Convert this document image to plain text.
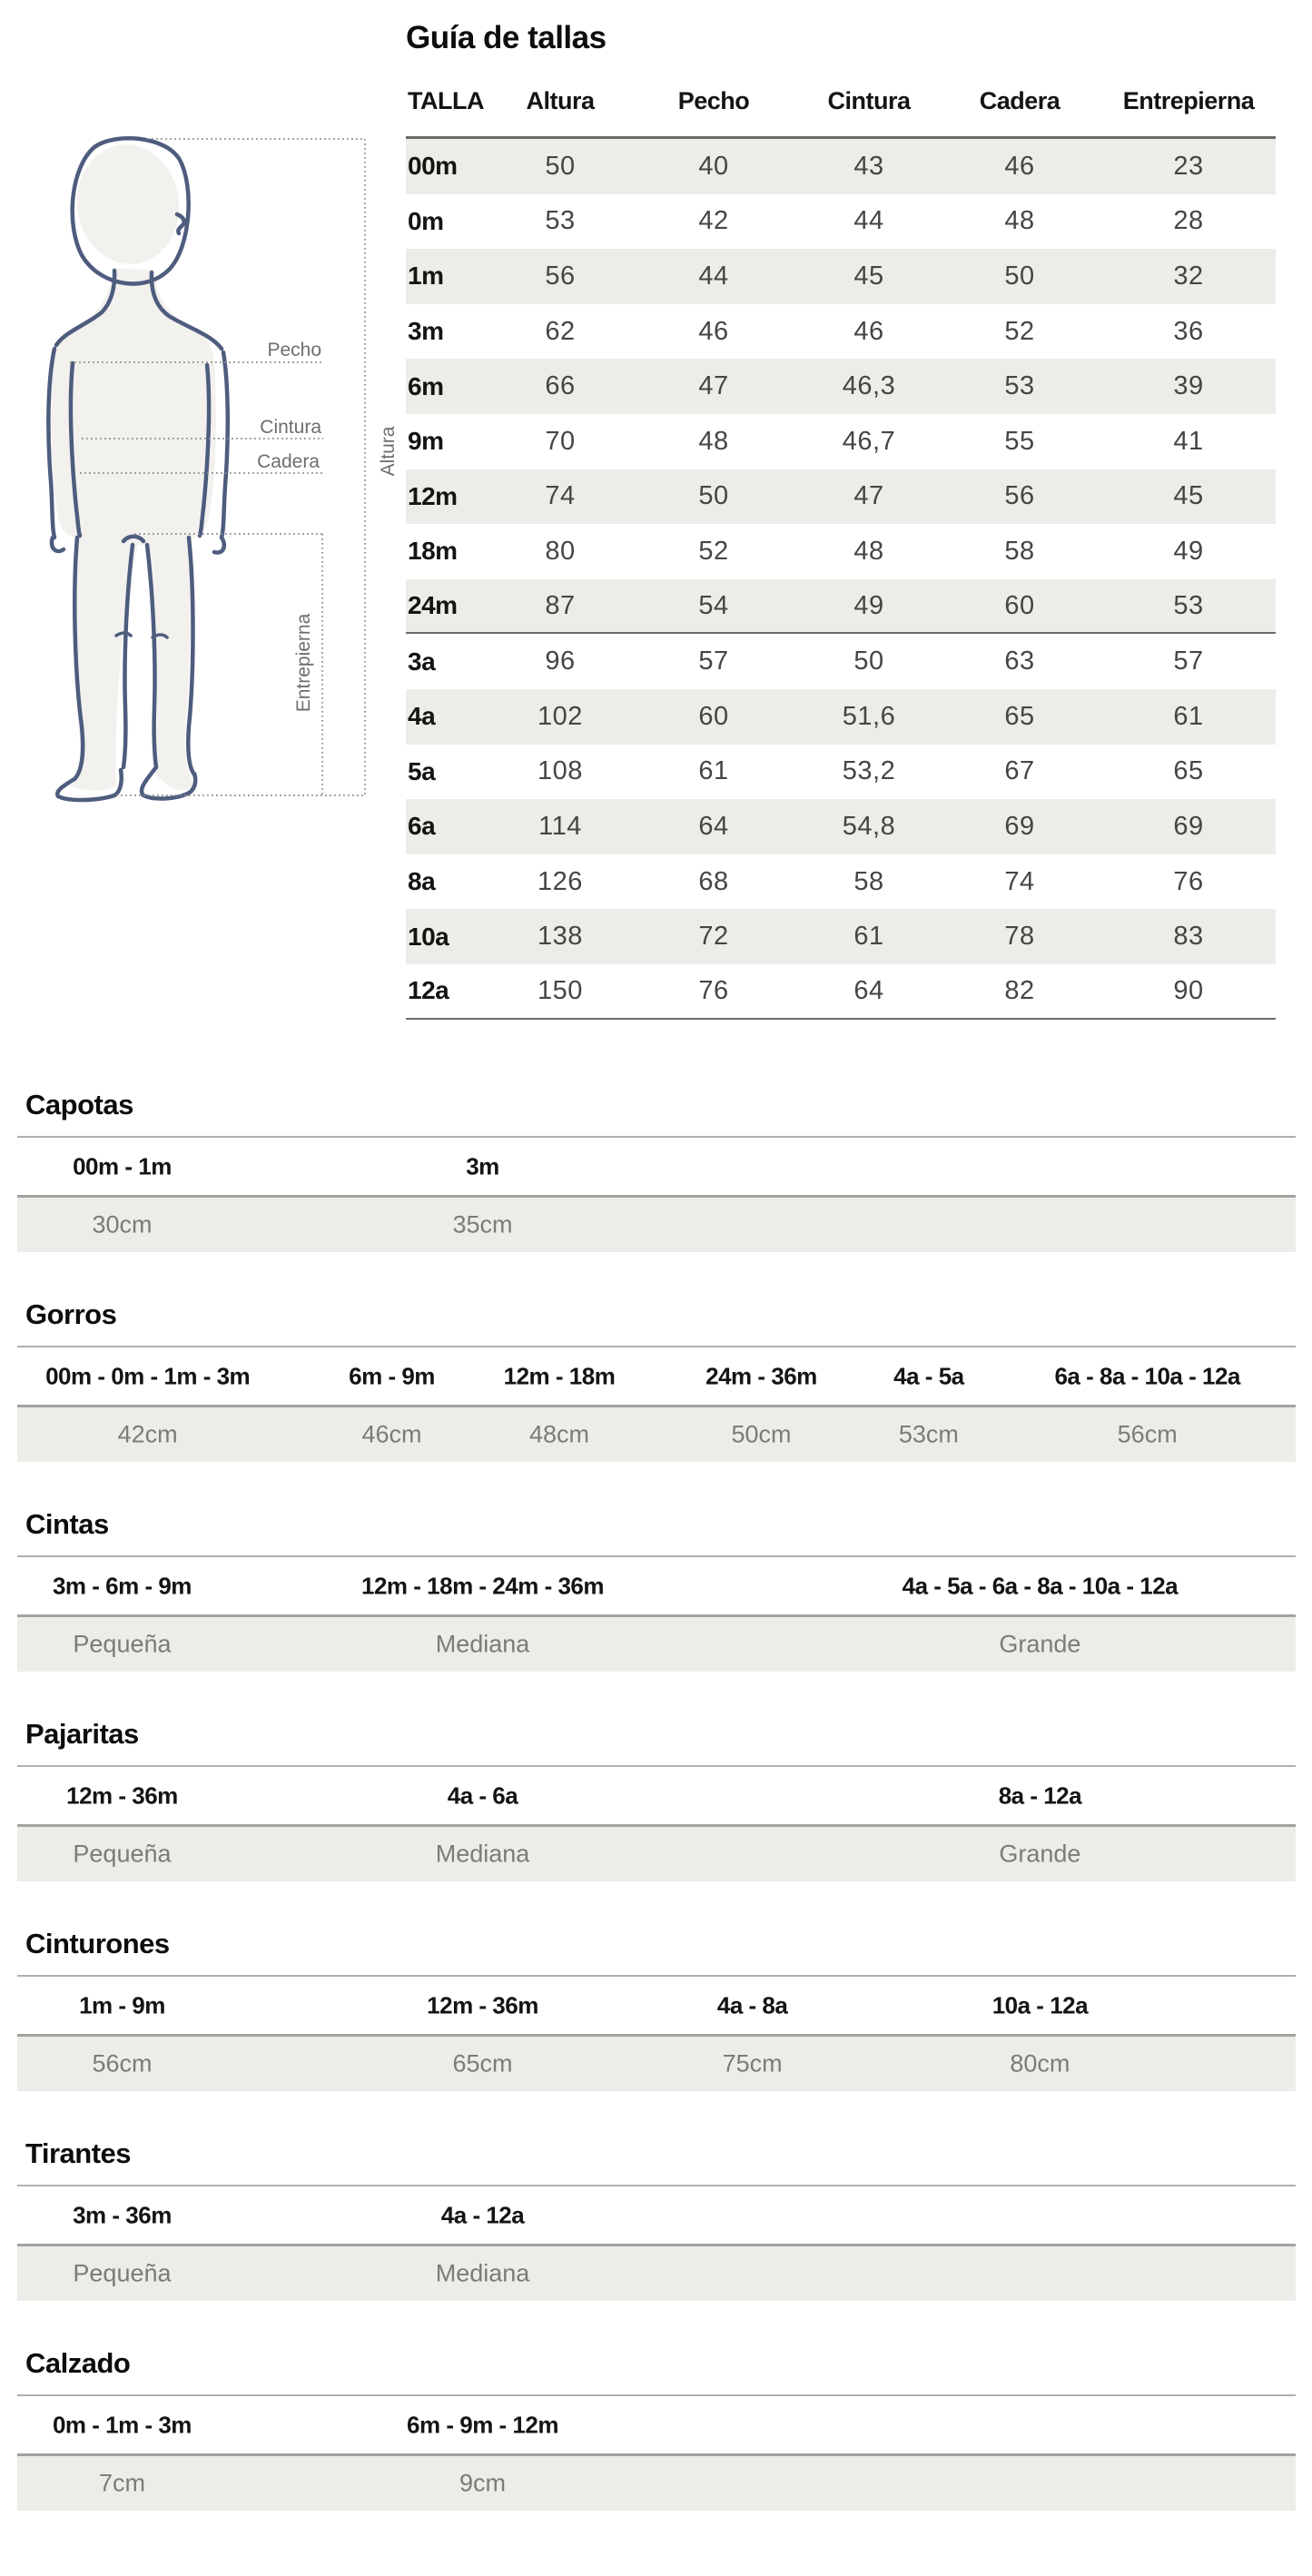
Pecho
Cintura
Cadera	Altura
Entrepierna
Guía de tallas
TALLA	Altura	Pecho	Cintura	Cadera	Entrepierna
00m	50	40	43	46	23
0m	53	42	44	48	28
1m	56	44	45	50	32
3m	62	46	46	52	36
6m	66	47	46,3	53	39
9m	70	48	46,7	55	41
12m	74	50	47	56	45
18m	80	52	48	58	49
24m	87	54	49	60	53
3a	96	57	50	63	57
4a	102	60	51,6	65	61
5a	108	61	53,2	67	65
6a	114	64	54,8	69	69
8a	126	68	58	74	76
10a	138	72	61	78	83
12a	150	76	64	82	90
Capotas
00m - 1m	3m
30cm	35cm
Gorros
00m - 0m - 1m - 3m	6m - 9m	12m - 18m	24m - 36m	4a - 5a	6a - 8a - 10a - 12a
42cm	46cm	48cm	50cm	53cm	56cm
Cintas
3m - 6m - 9m	12m - 18m - 24m - 36m	4a - 5a - 6a - 8a - 10a - 12a
Pequeña	Mediana	Grande
Pajaritas
12m - 36m	4a - 6a	8a - 12a
Pequeña	Mediana	Grande
Cinturones
1m - 9m	12m - 36m	4a - 8a	10a - 12a
56cm	65cm	75cm	80cm
Tirantes
3m - 36m	4a - 12a
Pequeña	Mediana
Calzado
0m - 1m - 3m	6m - 9m - 12m
7cm	9cm
